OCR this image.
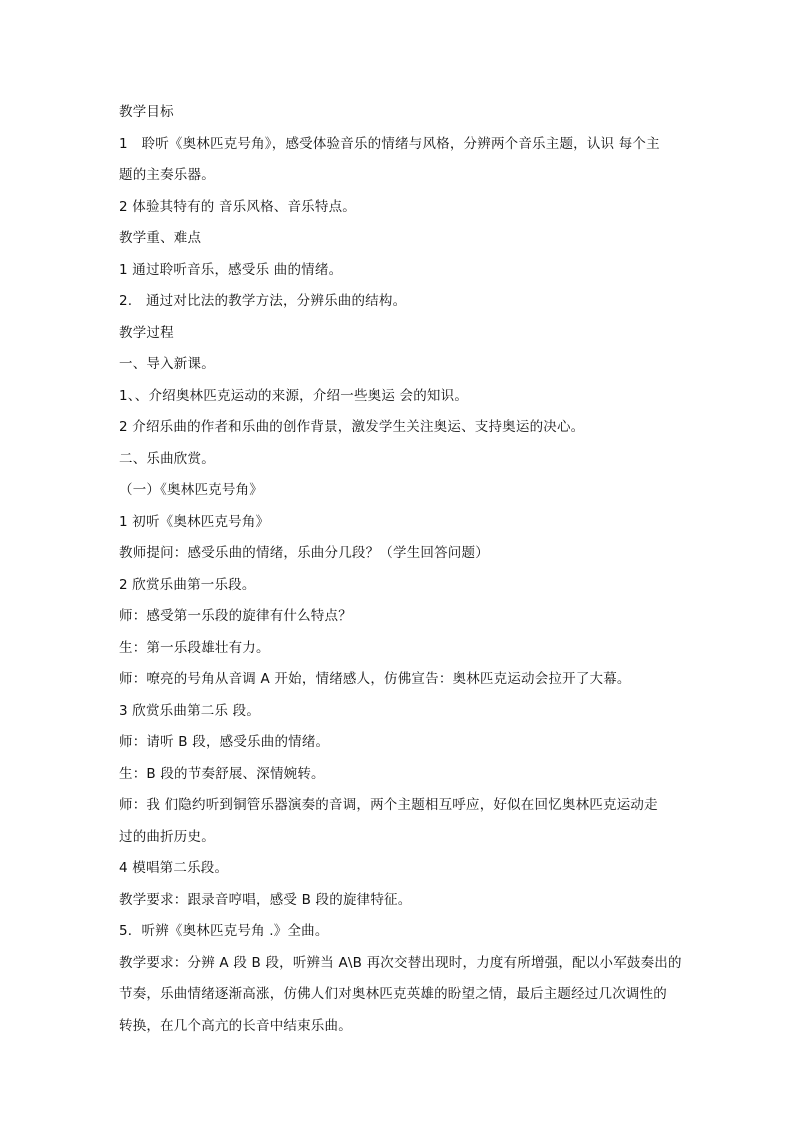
教学目标
1　聆听《奥林匹克号角》，感受体验音乐的情绪与风格，分辨两个音乐主题，认识 每个主
题的主奏乐器。
2 体验其特有的 音乐风格、音乐特点。
教学重、难点
1 通过聆听音乐，感受乐 曲的情绪。
2.　通过对比法的教学方法，分辨乐曲的结构。
教学过程
一、导入新课。
1、、介绍奥林匹克运动的来源，介绍一些奥运 会的知识。
2 介绍乐曲的作者和乐曲的创作背景，激发学生关注奥运、支持奥运的决心。
二、乐曲欣赏。
（一）《奥林匹克号角》
1 初听《奥林匹克号角》
教师提问：感受乐曲的情绪，乐曲分几段？（学生回答问题）
2 欣赏乐曲第一乐段。
师：感受第一乐段的旋律有什么特点？
生：第一乐段雄壮有力。
师：嘹亮的号角从音调 A 开始，情绪感人，仿佛宣告：奥林匹克运动会拉开了大幕。
3 欣赏乐曲第二乐 段。
师：请听 B 段，感受乐曲的情绪。
生：B 段的节奏舒展、深情婉转。
师：我 们隐约听到铜管乐器演奏的音调，两个主题相互呼应，好似在回忆奥林匹克运动走
过的曲折历史。
4 模唱第二乐段。
教学要求：跟录音哼唱，感受 B 段的旋律特征。
5．听辨《奥林匹克号角 .》全曲。
教学要求：分辨 A 段 B 段，听辨当 A\B 再次交替出现时，力度有所增强，配以小军鼓奏出的
节奏，乐曲情绪逐渐高涨，仿佛人们对奥林匹克英雄的盼望之情，最后主题经过几次调性的
转换，在几个高亢的长音中结束乐曲。
